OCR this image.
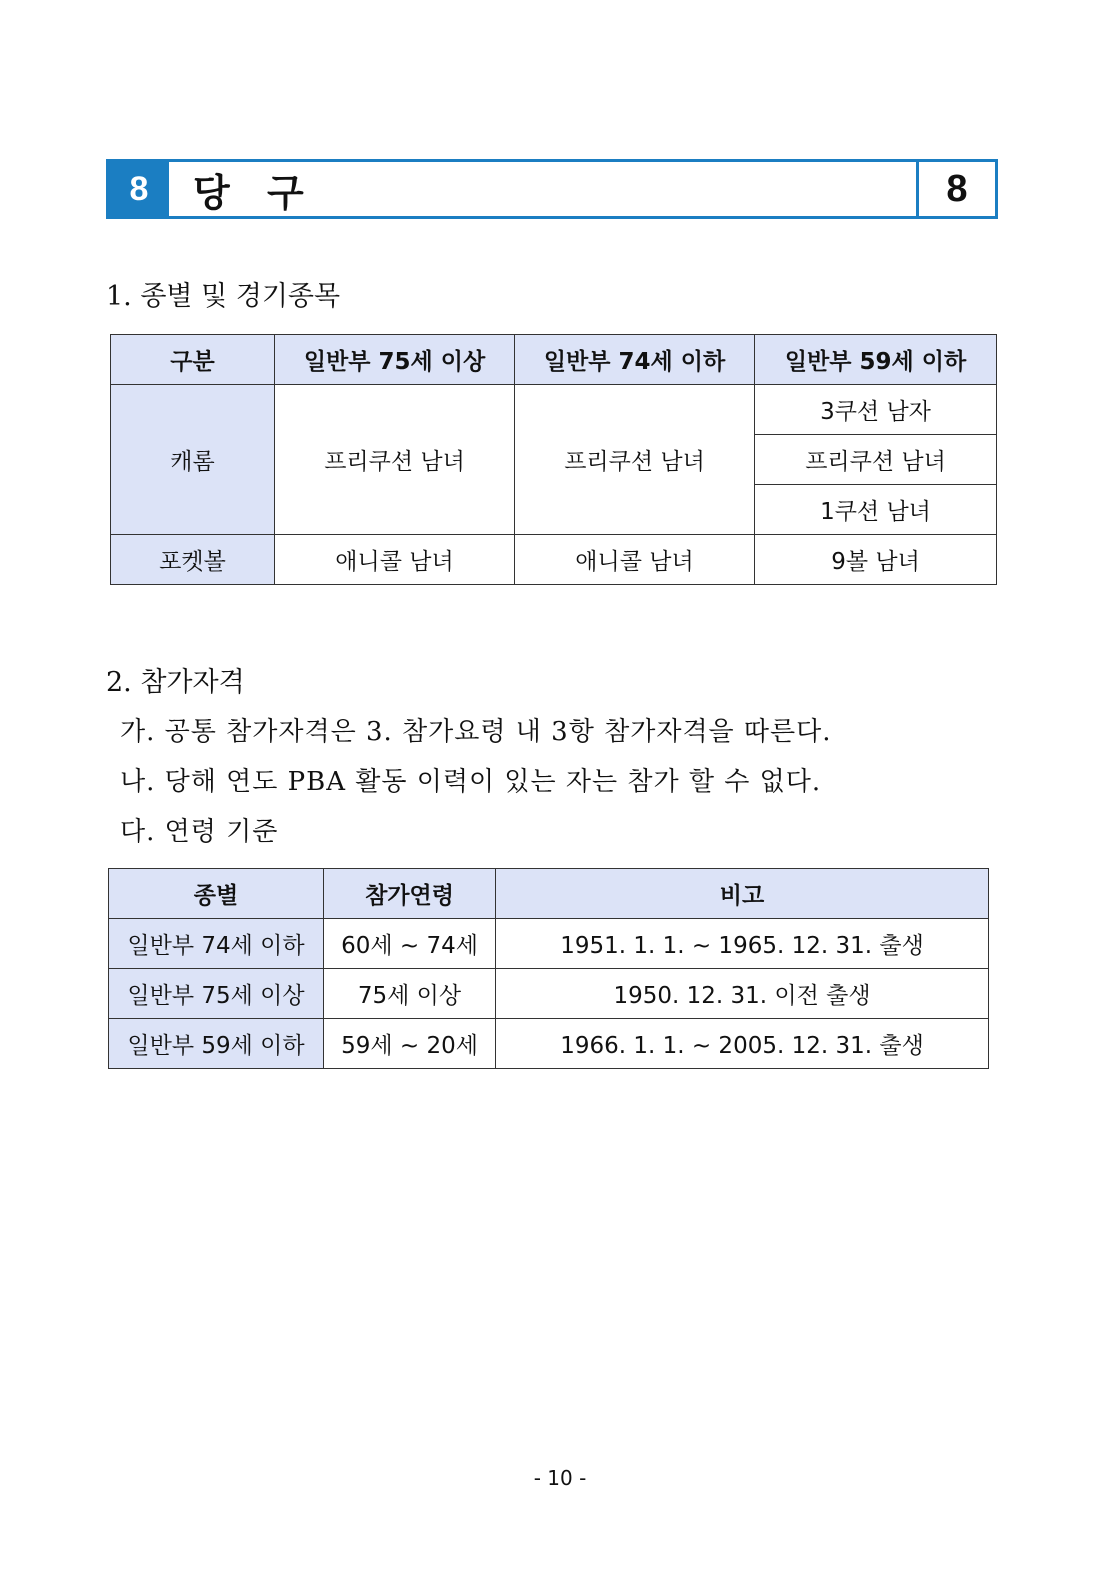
8	당 구	8
1. 종별 및 경기종목
구분	일반부 75세 이상	일반부 74세 이하	일반부 59세 이하
캐롬	프리쿠션 남녀	프리쿠션 남녀	3쿠션 남자
			프리쿠션 남녀
			1쿠션 남녀
포켓볼	애니콜 남녀	애니콜 남녀	9볼 남녀
2. 참가자격
가. 공통 참가자격은 3. 참가요령 내 3항 참가자격을 따른다.
나. 당해 연도 PBA 활동 이력이 있는 자는 참가 할 수 없다.
다. 연령 기준
종별	참가연령	비고
일반부 74세 이하	60세 ~ 74세	1951. 1. 1. ~ 1965. 12. 31. 출생
일반부 75세 이상	75세 이상	1950. 12. 31. 이전 출생
일반부 59세 이하	59세 ~ 20세	1966. 1. 1. ~ 2005. 12. 31. 출생
- 10 -
